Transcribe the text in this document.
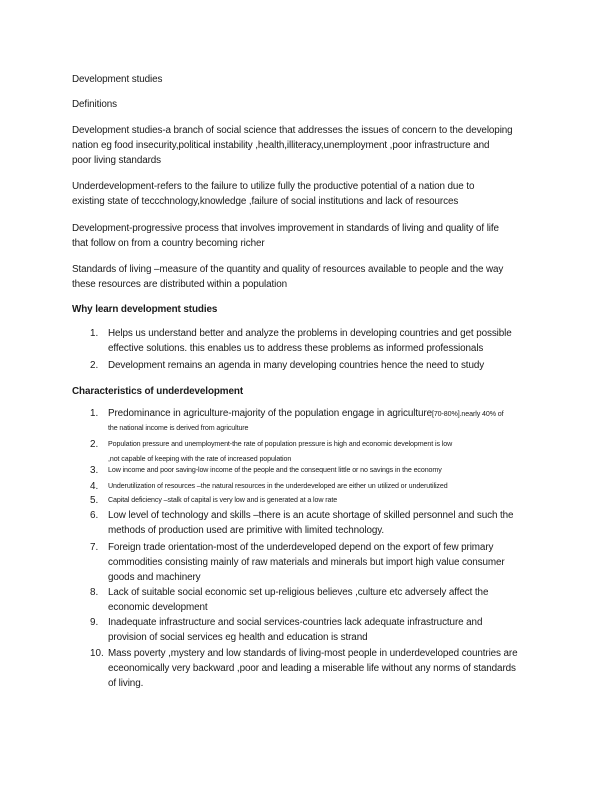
Development studies
Definitions
Why learn development studies
Characteristics of underdevelopment
1. Predominance in agriculture-majority of the population engage in agriculture[70-80%].nearly 40% of
the national income is derived from agriculture
Development studies-a branch of social science that addresses the issues of concern to the developing
nation eg food insecurity,political instability ,health,illiteracy,unemployment ,poor infrastructure and
poor living standards
Underdevelopment-refers to the failure to utilize fully the productive potential of a nation due to
existing state of teccchnology,knowledge ,failure of social institutions and lack of resources
Development-progressive process that involves improvement in standards of living and quality of life
that follow on from a country becoming richer
Standards of living –measure of the quantity and quality of resources available to people and the way
these resources are distributed within a population
1. Helps us understand better and analyze the problems in developing countries and get possible
effective solutions. this enables us to address these problems as informed professionals
2. Development remains an agenda in many developing countries hence the need to study
2. Population pressure and unemployment-the rate of population pressure is high and economic development is low
,not capable of keeping with the rate of increased population
3. Low income and poor saving-low income of the people and the consequent little or no savings in the economy
4. Underutilization of resources –the natural resources in the underdeveloped are either un utilized or underutilized
5. Capital deficiency –stalk of capital is very low and is generated at a low rate
6. Low level of technology and skills –there is an acute shortage of skilled personnel and such the
methods of production used are primitive with limited technology.
7. Foreign trade orientation-most of the underdeveloped depend on the export of few primary
commodities consisting mainly of raw materials and minerals but import high value consumer
goods and machinery
8. Lack of suitable social economic set up-religious believes ,culture etc adversely affect the
economic development
9. Inadequate infrastructure and social services-countries lack adequate infrastructure and
provision of social services eg health and education is strand
10. Mass poverty ,mystery and low standards of living-most people in underdeveloped countries are
eceonomically very backward ,poor and leading a miserable life without any norms of standards
of living.
